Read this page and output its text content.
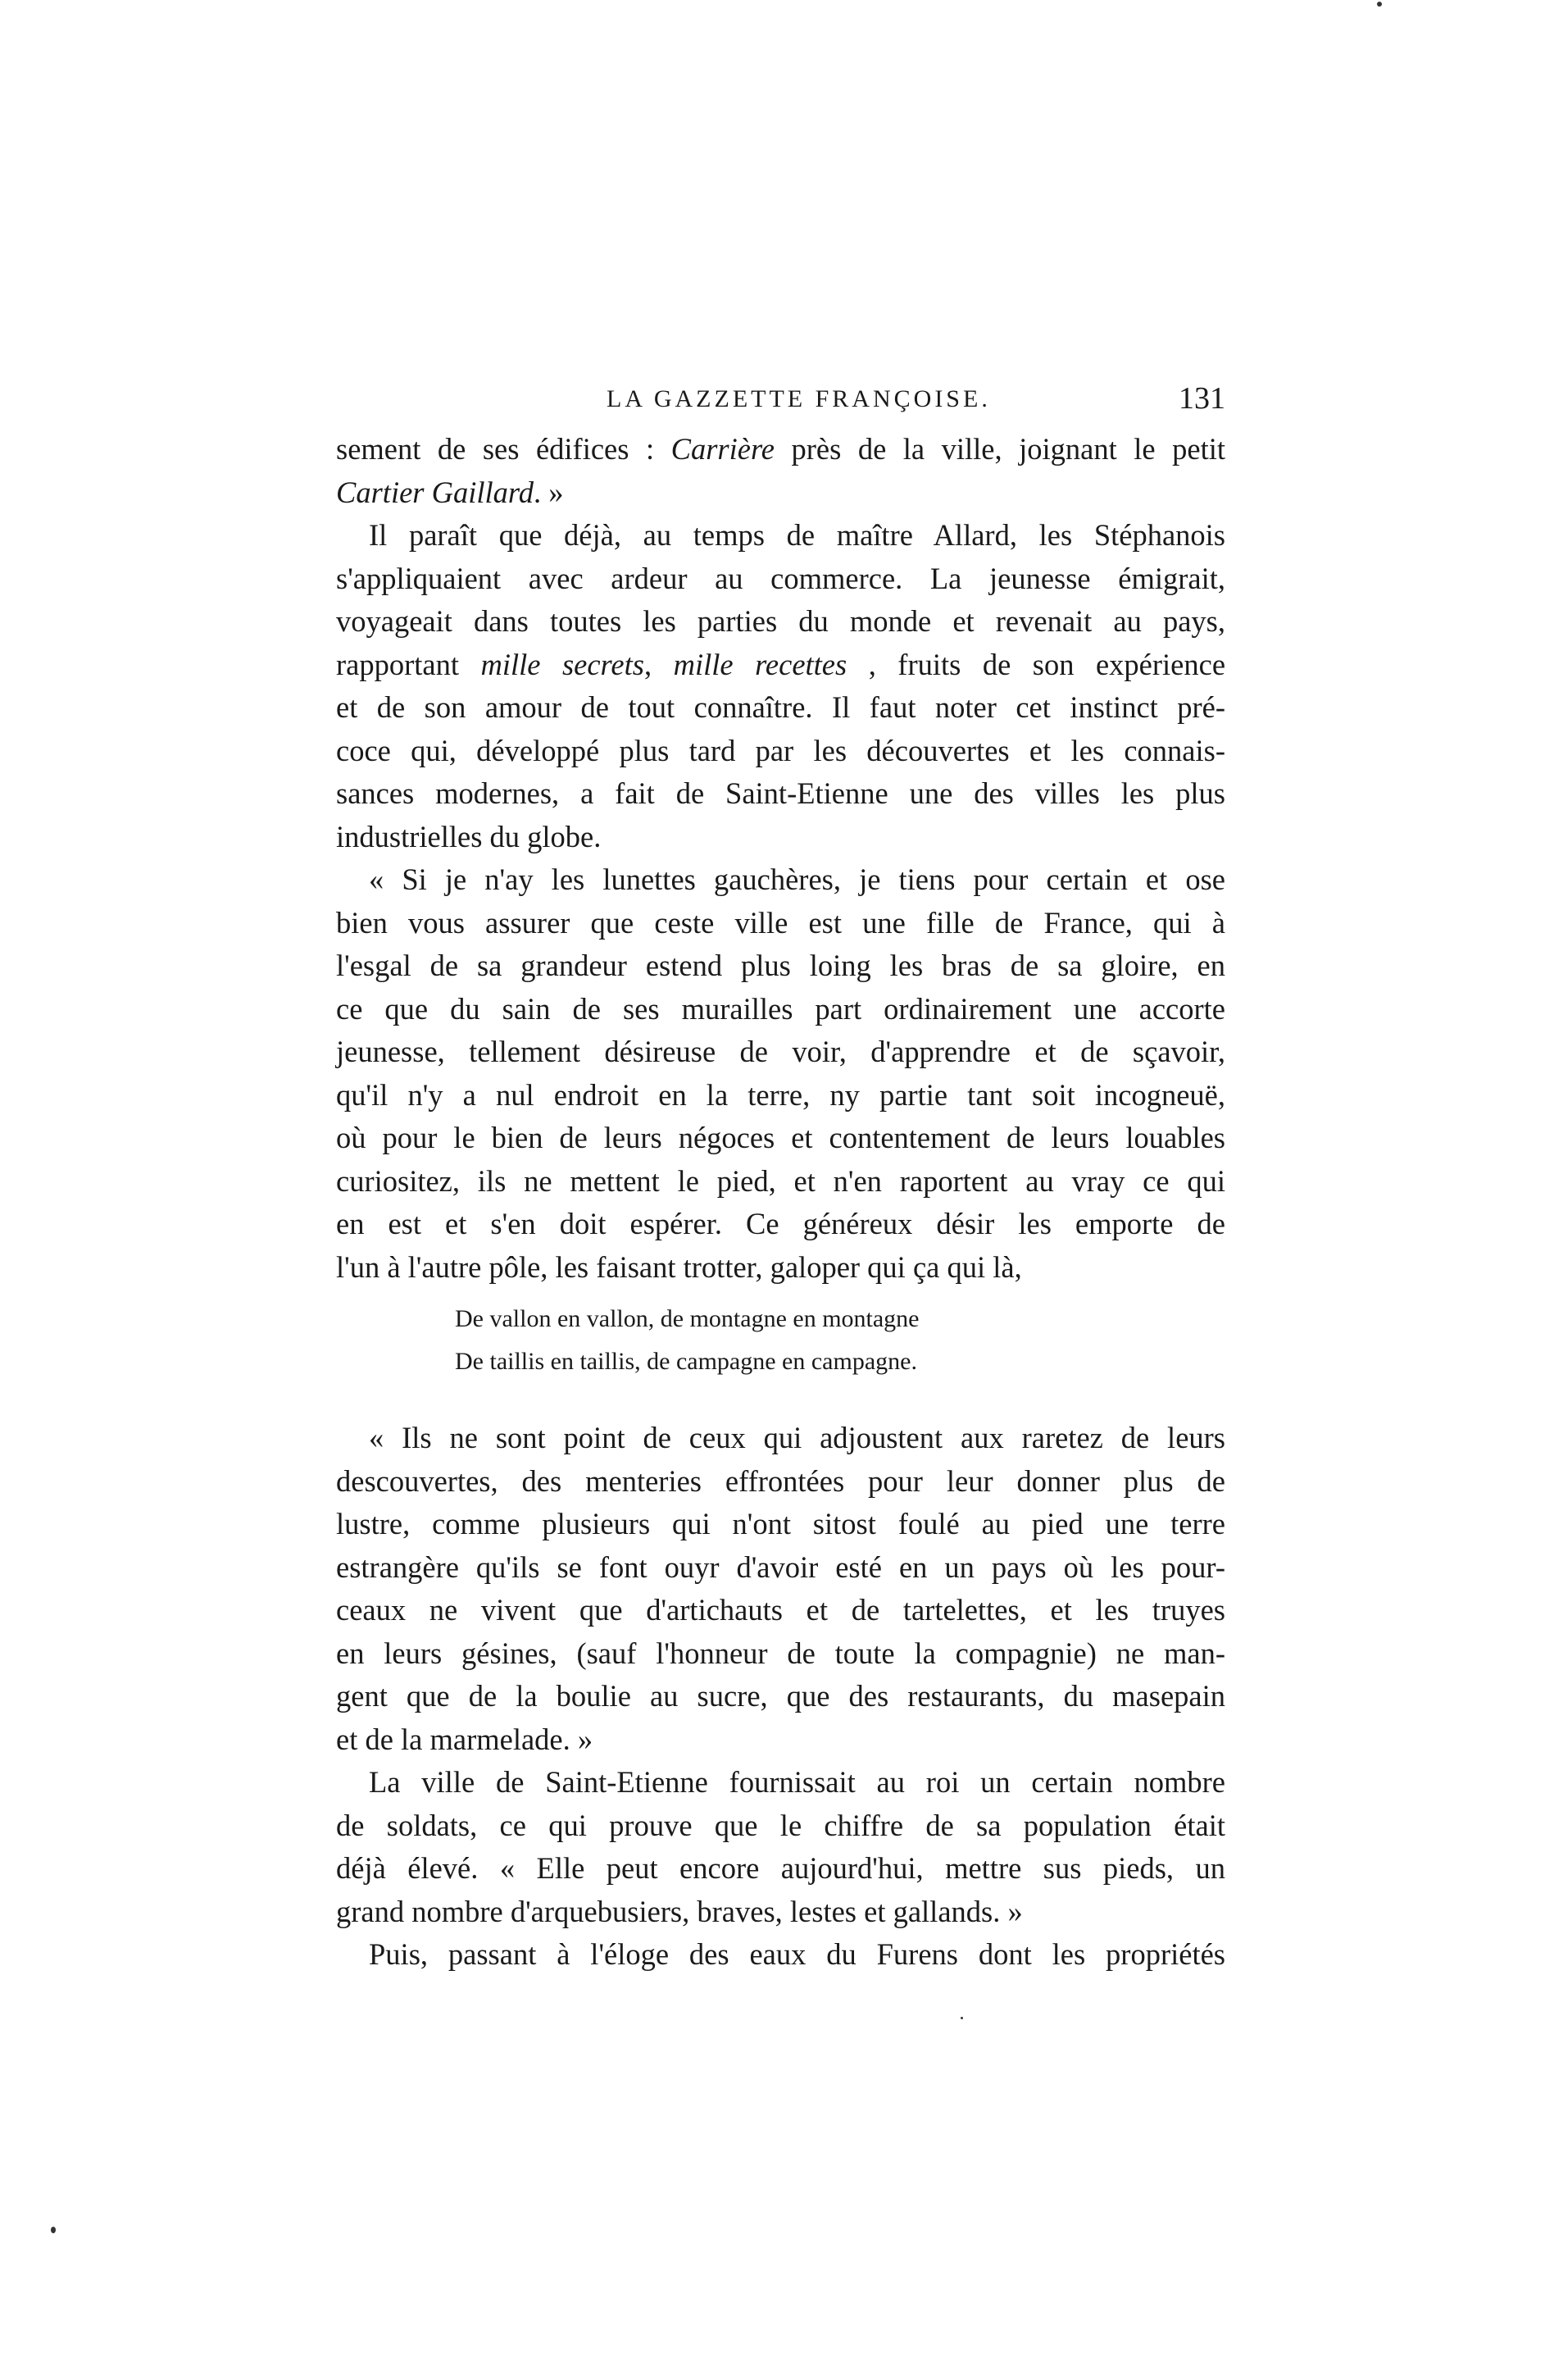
LA GAZZETTE FRANÇOISE.	131
sement de ses édifices : Carrière près de la ville, joignant le petit
Cartier Gaillard. »
Il paraît que déjà, au temps de maître Allard, les Stéphanois
s'appliquaient avec ardeur au commerce. La jeunesse émigrait,
voyageait dans toutes les parties du monde et revenait au pays,
rapportant mille secrets, mille recettes , fruits de son expérience
et de son amour de tout connaître. Il faut noter cet instinct pré-
coce qui, développé plus tard par les découvertes et les connais-
sances modernes, a fait de Saint-Etienne une des villes les plus
industrielles du globe.
« Si je n'ay les lunettes gauchères, je tiens pour certain et ose
bien vous assurer que ceste ville est une fille de France, qui à
l'esgal de sa grandeur estend plus loing les bras de sa gloire, en
ce que du sain de ses murailles part ordinairement une accorte
jeunesse, tellement désireuse de voir, d'apprendre et de sçavoir,
qu'il n'y a nul endroit en la terre, ny partie tant soit incogneuë,
où pour le bien de leurs négoces et contentement de leurs louables
curiositez, ils ne mettent le pied, et n'en raportent au vray ce qui
en est et s'en doit espérer. Ce généreux désir les emporte de
l'un à l'autre pôle, les faisant trotter, galoper qui ça qui là,
De vallon en vallon, de montagne en montagne
De taillis en taillis, de campagne en campagne.
« Ils ne sont point de ceux qui adjoustent aux raretez de leurs
descouvertes, des menteries effrontées pour leur donner plus de
lustre, comme plusieurs qui n'ont sitost foulé au pied une terre
estrangère qu'ils se font ouyr d'avoir esté en un pays où les pour-
ceaux ne vivent que d'artichauts et de tartelettes, et les truyes
en leurs gésines, (sauf l'honneur de toute la compagnie) ne man-
gent que de la boulie au sucre, que des restaurants, du masepain
et de la marmelade. »
La ville de Saint-Etienne fournissait au roi un certain nombre
de soldats, ce qui prouve que le chiffre de sa population était
déjà élevé. « Elle peut encore aujourd'hui, mettre sus pieds, un
grand nombre d'arquebusiers, braves, lestes et gallands. »
Puis, passant à l'éloge des eaux du Furens dont les propriétés
